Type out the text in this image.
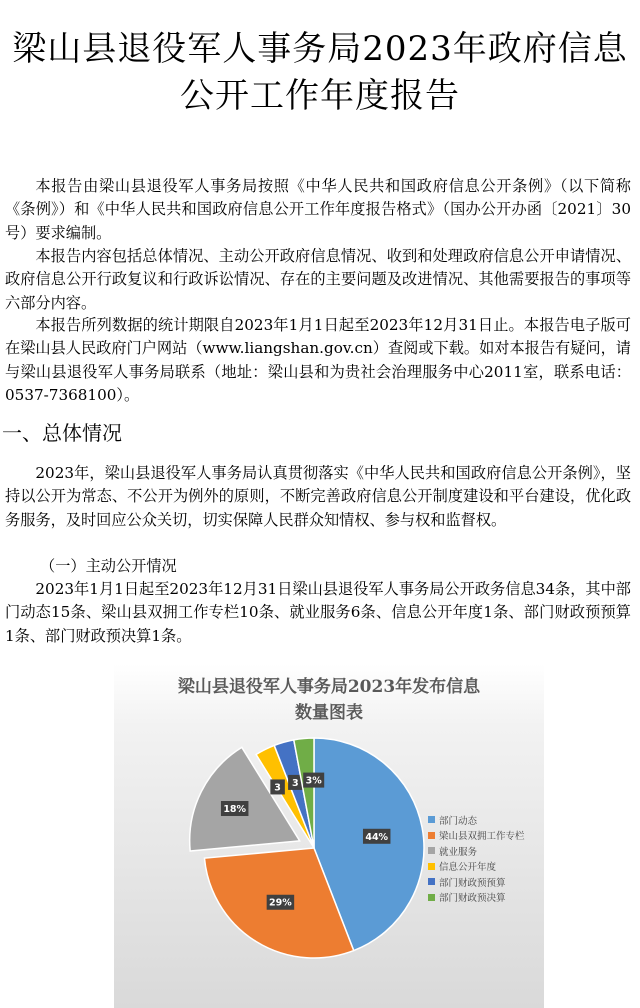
梁山县退役军人事务局2023年政府信息
公开工作年度报告

本报告由梁山县退役军人事务局按照《中华人民共和国政府信息公开条例》（以下简称《条例》）和《中华人民共和国政府信息公开工作年度报告格式》（国办公开办函〔2021〕30号）要求编制。

本报告内容包括总体情况、主动公开政府信息情况、收到和处理政府信息公开申请情况、政府信息公开行政复议和行政诉讼情况、存在的主要问题及改进情况、其他需要报告的事项等六部分内容。

本报告所列数据的统计期限自2023年1月1日起至2023年12月31日止。本报告电子版可在梁山县人民政府门户网站（www.liangshan.gov.cn）查阅或下载。如对本报告有疑问，请与梁山县退役军人事务局联系（地址：梁山县和为贵社会治理服务中心2011室，联系电话：0537-7368100）。

一、总体情况

2023年，梁山县退役军人事务局认真贯彻落实《中华人民共和国政府信息公开条例》，坚持以公开为常态、不公开为例外的原则，不断完善政府信息公开制度建设和平台建设，优化政务服务，及时回应公众关切，切实保障人民群众知情权、参与权和监督权。

（一）主动公开情况

2023年1月1日起至2023年12月31日梁山县退役军人事务局公开政务信息34条，其中部门动态15条、梁山县双拥工作专栏10条、就业服务6条、信息公开年度1条、部门财政预预算1条、部门财政预决算1条。

梁山县退役军人事务局2023年发布信息
数量图表
44%
29%
18%
3 3 3%
部门动态
梁山县双拥工作专栏
就业服务
信息公开年度
部门财政预预算
部门财政预决算
